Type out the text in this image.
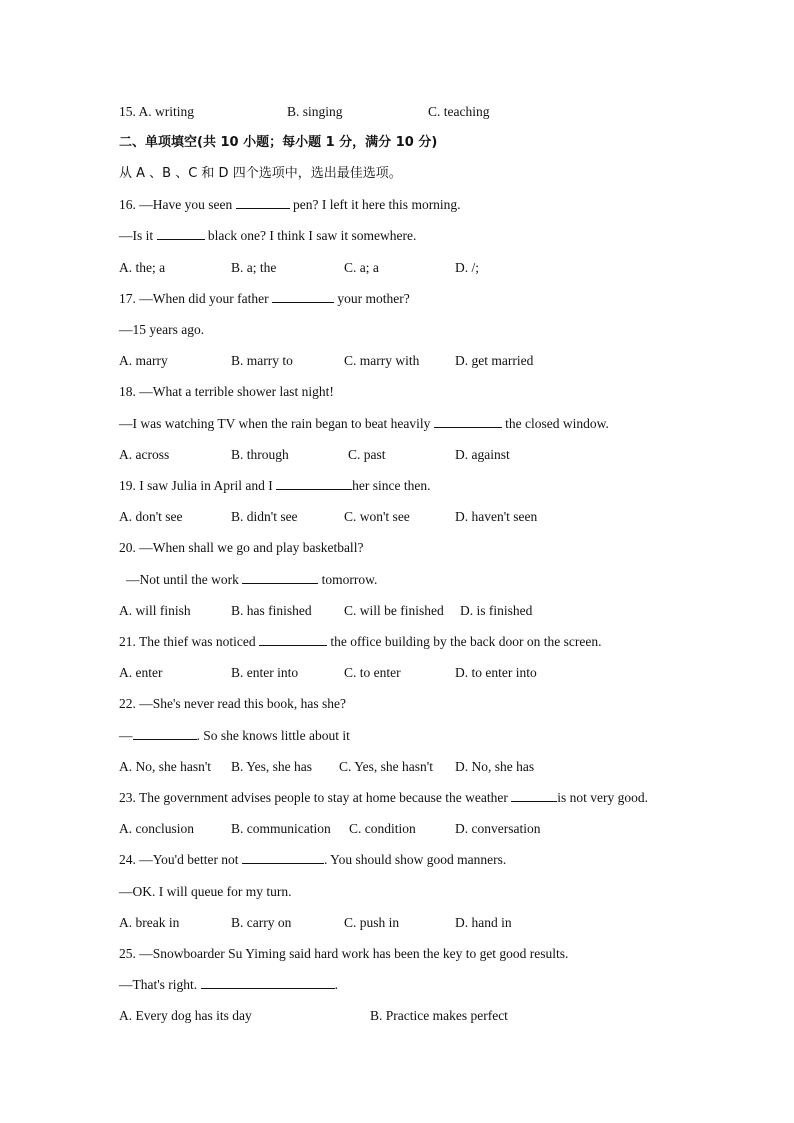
15. A. writing	B. singing	C. teaching
二、单项填空(共 10 小题；每小题 1 分，满分 10 分)
从 A 、B 、C 和 D 四个选项中，选出最佳选项。
16. —Have you seen	pen? I left it here this morning.
—Is it	black one? I think I saw it somewhere.
A. the; a	B. a; the	C. a; a	D. /;
17. —When did your father	your mother?
—15 years ago.
A. marry	B. marry to	C. marry with	D. get married
18. —What a terrible shower last night!
—I was watching TV when the rain began to beat heavily	the closed window.
A. across	B. through	C. past	D. against
19. I saw Julia in April and I	her since then.
A. don't see	B. didn't see	C. won't see	D. haven't seen
20. —When shall we go and play basketball?
—Not until the work	tomorrow.
A. will finish	B. has finished C. will be finished D. is finished
21. The thief was noticed	the office building by the back door on the screen.
A. enter	B. enter into	C. to enter	D. to enter into
22. —She's never read this book, has she?
—	. So she knows little about it
A. No, she hasn't B. Yes, she has C. Yes, she hasn't D. No, she has
23. The government advises people to stay at home because the weather	is not very good.
A. conclusion	B. communication C. condition	D. conversation
24. —You'd better not	. You should show good manners.
—OK. I will queue for my turn.
A. break in	B. carry on	C. push in	D. hand in
25. —Snowboarder Su Yiming said hard work has been the key to get good results.
—That's right.	.
A. Every dog has its day	B. Practice makes perfect
